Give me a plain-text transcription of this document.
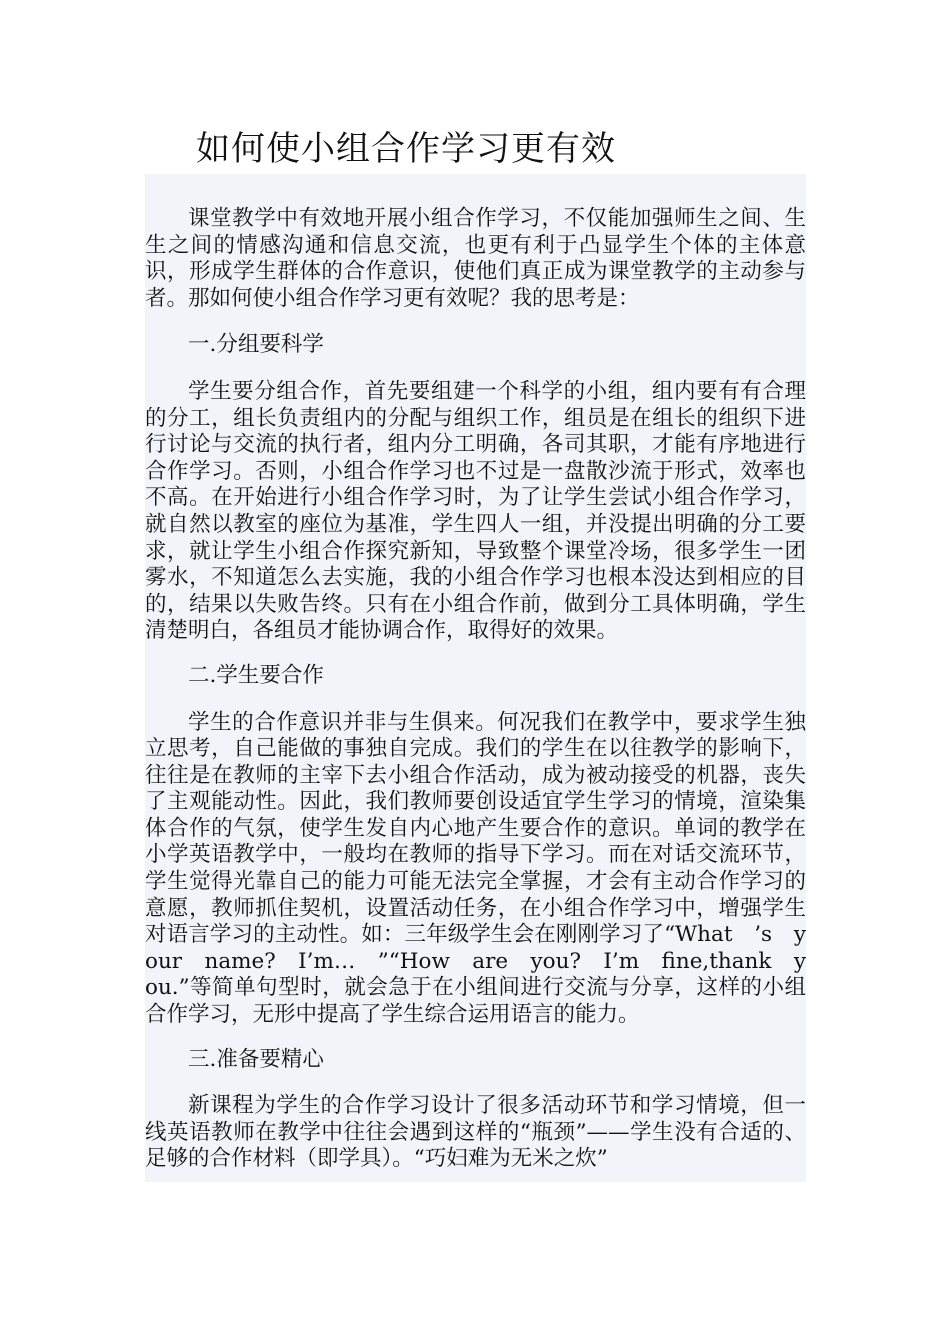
如何使小组合作学习更有效

课堂教学中有效地开展小组合作学习，不仅能加强师生之间、生生之间的情感沟通和信息交流，也更有利于凸显学生个体的主体意识，形成学生群体的合作意识，使他们真正成为课堂教学的主动参与者。那如何使小组合作学习更有效呢？我的思考是：

一.分组要科学

学生要分组合作，首先要组建一个科学的小组，组内要有有合理的分工，组长负责组内的分配与组织工作，组员是在组长的组织下进行讨论与交流的执行者，组内分工明确，各司其职，才能有序地进行合作学习。否则，小组合作学习也不过是一盘散沙流于形式，效率也不高。在开始进行小组合作学习时，为了让学生尝试小组合作学习，就自然以教室的座位为基准，学生四人一组，并没提出明确的分工要求，就让学生小组合作探究新知，导致整个课堂冷场，很多学生一团雾水，不知道怎么去实施，我的小组合作学习也根本没达到相应的目的，结果以失败告终。只有在小组合作前，做到分工具体明确，学生清楚明白，各组员才能协调合作，取得好的效果。

二.学生要合作

学生的合作意识并非与生俱来。何况我们在教学中，要求学生独立思考，自己能做的事独自完成。我们的学生在以往教学的影响下，往往是在教师的主宰下去小组合作活动，成为被动接受的机器，丧失了主观能动性。因此，我们教师要创设适宜学生学习的情境，渲染集体合作的气氛，使学生发自内心地产生要合作的意识。单词的教学在小学英语教学中，一般均在教师的指导下学习。而在对话交流环节，学生觉得光靠自己的能力可能无法完全掌握，才会有主动合作学习的意愿，教师抓住契机，设置活动任务，在小组合作学习中，增强学生对语言学习的主动性。如：三年级学生会在刚刚学习了“What　’s　your　name?　I’m…　”“How　are　you?　I’m　fine,thank　you.”等简单句型时，就会急于在小组间进行交流与分享，这样的小组合作学习，无形中提高了学生综合运用语言的能力。

三.准备要精心

新课程为学生的合作学习设计了很多活动环节和学习情境，但一线英语教师在教学中往往会遇到这样的“瓶颈”——学生没有合适的、足够的合作材料（即学具）。“巧妇难为无米之炊”
